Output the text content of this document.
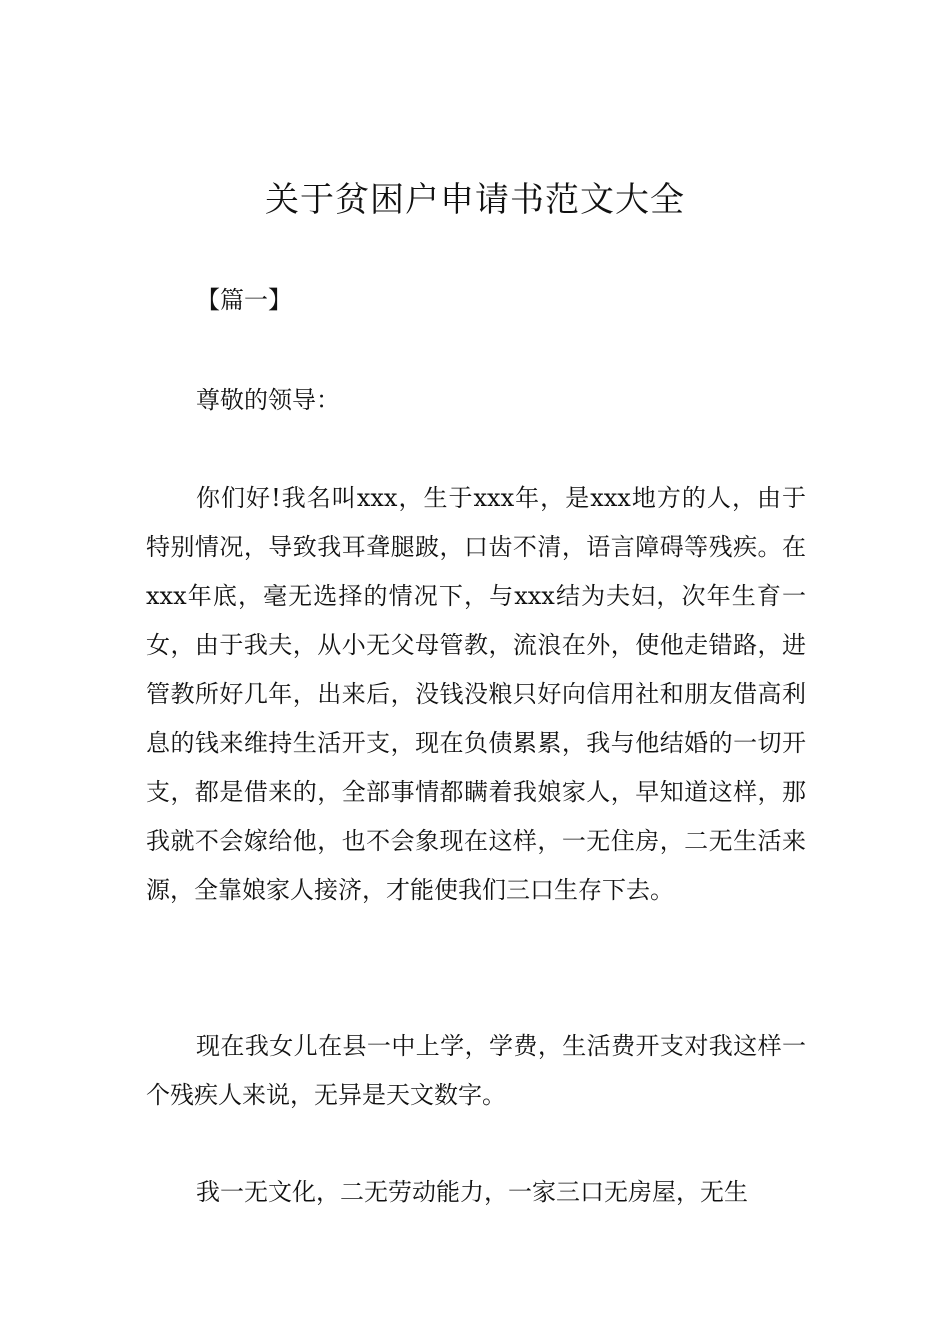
关于贫困户申请书范文大全
【篇一】

尊敬的领导：

你们好!我名叫xxx，生于xxx年，是xxx地方的人，由于特别情况，导致我耳聋腿跛，口齿不清，语言障碍等残疾。在xxx年底，毫无选择的情况下，与xxx结为夫妇，次年生育一女，由于我夫，从小无父母管教，流浪在外，使他走错路，进管教所好几年，出来后，没钱没粮只好向信用社和朋友借高利息的钱来维持生活开支，现在负债累累，我与他结婚的一切开支，都是借来的，全部事情都瞒着我娘家人，早知道这样，那我就不会嫁给他，也不会象现在这样，一无住房，二无生活来源，全靠娘家人接济，才能使我们三口生存下去。

现在我女儿在县一中上学，学费，生活费开支对我这样一个残疾人来说，无异是天文数字。

我一无文化，二无劳动能力，一家三口无房屋，无生
